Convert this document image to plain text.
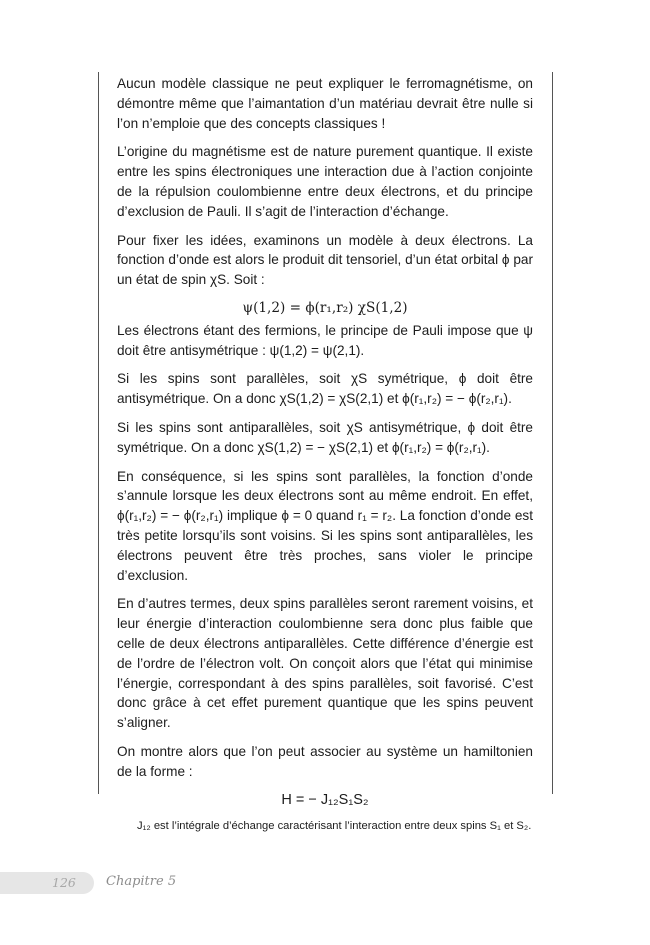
Aucun modèle classique ne peut expliquer le ferromagnétisme, on démontre même que l’aimantation d’un matériau devrait être nulle si l’on n’emploie que des concepts classiques !

L’origine du magnétisme est de nature purement quantique. Il existe entre les spins électroniques une interaction due à l’action conjointe de la répulsion coulombienne entre deux électrons, et du principe d’exclusion de Pauli. Il s’agit de l’interaction d’échange.

Pour fixer les idées, examinons un modèle à deux électrons. La fonction d’onde est alors le produit dit tensoriel, d’un état orbital ϕ par un état de spin χS. Soit :

ψ(1,2) = ϕ(r₁,r₂) χS(1,2)

Les électrons étant des fermions, le principe de Pauli impose que ψ doit être antisymétrique : ψ(1,2) = ψ(2,1).

Si les spins sont parallèles, soit χS symétrique, ϕ doit être antisymétrique. On a donc χS(1,2) = χS(2,1) et ϕ(r₁,r₂) = − ϕ(r₂,r₁).

Si les spins sont antiparallèles, soit χS antisymétrique, ϕ doit être symétrique. On a donc χS(1,2) = − χS(2,1) et ϕ(r₁,r₂) = ϕ(r₂,r₁).

En conséquence, si les spins sont parallèles, la fonction d’onde s’annule lorsque les deux électrons sont au même endroit. En effet, ϕ(r₁,r₂) = − ϕ(r₂,r₁) implique ϕ = 0 quand r₁ = r₂. La fonction d’onde est très petite lorsqu’ils sont voisins. Si les spins sont antiparallèles, les électrons peuvent être très proches, sans violer le principe d’exclusion.

En d’autres termes, deux spins parallèles seront rarement voisins, et leur énergie d’interaction coulombienne sera donc plus faible que celle de deux électrons antiparallèles. Cette différence d’énergie est de l’ordre de l’électron volt. On conçoit alors que l’état qui minimise l’énergie, correspondant à des spins parallèles, soit favorisé. C’est donc grâce à cet effet purement quantique que les spins peuvent s’aligner.

On montre alors que l’on peut associer au système un hamiltonien de la forme :

H = − J₁₂S₁S₂

J₁₂ est l’intégrale d’échange caractérisant l’interaction entre deux spins S₁ et S₂.

126 Chapitre 5
